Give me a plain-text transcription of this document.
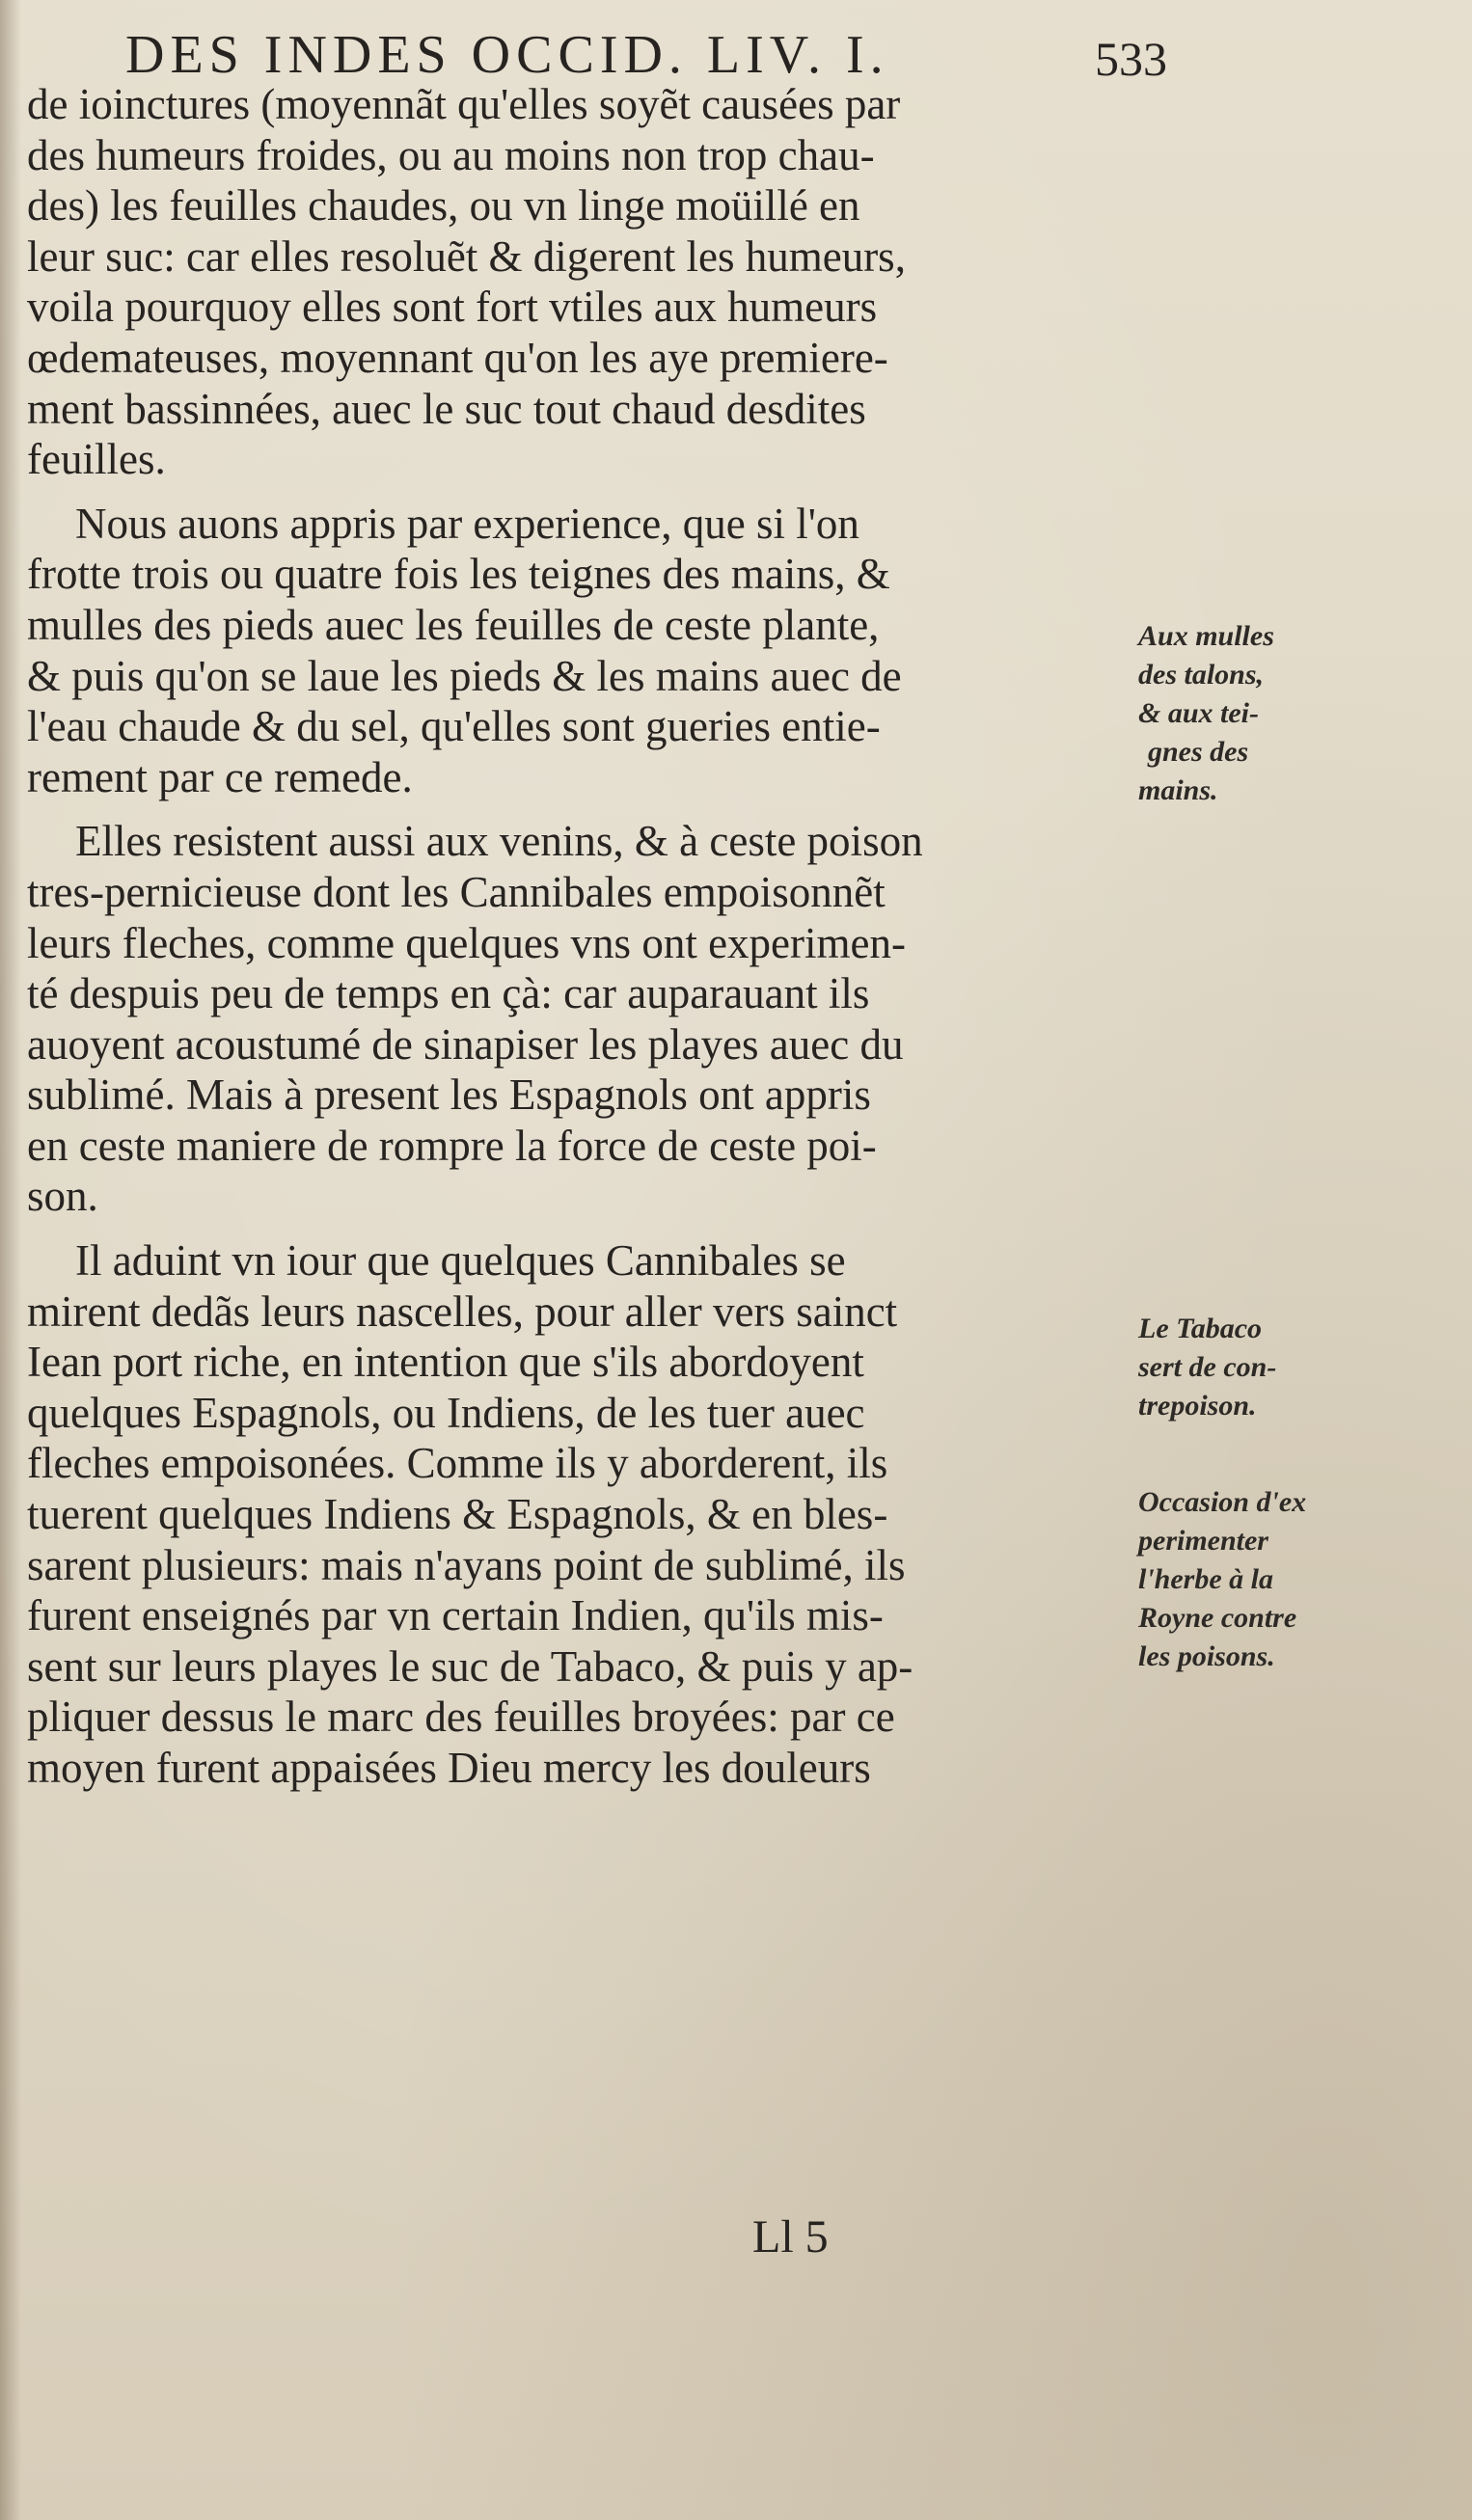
DES INDES OCCID. LIV. I.	533
de ioinctures (moyennãt qu'elles soyẽt causées par
des humeurs froides, ou au moins non trop chau-
des) les feuilles chaudes, ou vn linge moüillé en
leur suc: car elles resoluẽt & digerent les humeurs,
voila pourquoy elles sont fort vtiles aux humeurs
œdemateuses, moyennant qu'on les aye premiere-
ment bassinnées, auec le suc tout chaud desdites
feuilles.
Nous auons appris par experience, que si l'on
frotte trois ou quatre fois les teignes des mains, &
mulles des pieds auec les feuilles de ceste plante,
& puis qu'on se laue les pieds & les mains auec de
l'eau chaude & du sel, qu'elles sont gueries entie-
rement par ce remede.
Elles resistent aussi aux venins, & à ceste poison
tres-pernicieuse dont les Cannibales empoisonnẽt
leurs fleches, comme quelques vns ont experimen-
té despuis peu de temps en çà: car auparauant ils
auoyent acoustumé de sinapiser les playes auec du
sublimé. Mais à present les Espagnols ont appris
en ceste maniere de rompre la force de ceste poi-
son.
Il aduint vn iour que quelques Cannibales se
mirent dedãs leurs nascelles, pour aller vers sainct
Iean port riche, en intention que s'ils abordoyent
quelques Espagnols, ou Indiens, de les tuer auec
fleches empoisonées. Comme ils y aborderent, ils
tuerent quelques Indiens & Espagnols, & en bles-
sarent plusieurs: mais n'ayans point de sublimé, ils
furent enseignés par vn certain Indien, qu'ils mis-
sent sur leurs playes le suc de Tabaco, & puis y ap-
pliquer dessus le marc des feuilles broyées: par ce
moyen furent appaisées Dieu mercy les douleurs
Aux mulles
des talons,
& aux tei-
gnes des
mains.
Le Tabaco
sert de con-
trepoison.
Occasion d'ex
perimenter
l'herbe à la
Royne contre
les poisons.
Ll 5
